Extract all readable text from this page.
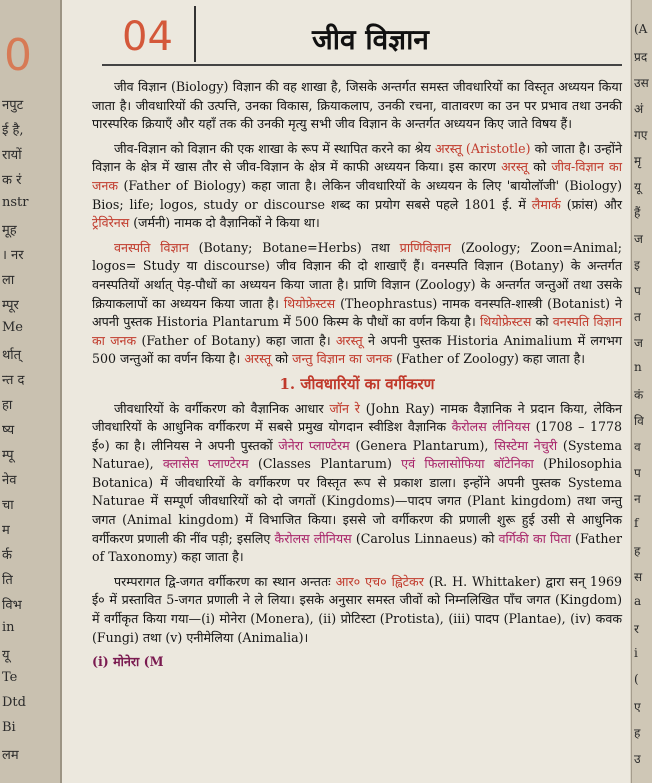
0
नपुट
ई है,
रायों
क रं
nstr
मूह
। नर
ला
म्पूर
Me
र्थात्
न्त द
हा
ष्य
म्पू
नेव
चा
म
र्क
ति
विभ
in
यू
Te
Dtd
Bi
लम
04	जीव विज्ञान

जीव विज्ञान (Biology) विज्ञान की वह शाखा है, जिसके अन्तर्गत समस्त जीवधारियों का विस्तृत अध्ययन किया जाता है। जीवधारियों की उत्पत्ति, उनका विकास, क्रियाकलाप, उनकी रचना, वातावरण का उन पर प्रभाव तथा उनकी पारस्परिक क्रियाएँ और यहाँ तक की उनकी मृत्यु सभी जीव विज्ञान के अन्तर्गत अध्ययन किए जाते विषय हैं।

जीव-विज्ञान को विज्ञान की एक शाखा के रूप में स्थापित करने का श्रेय अरस्तू (Aristotle) को जाता है। उन्होंने विज्ञान के क्षेत्र में खास तौर से जीव-विज्ञान के क्षेत्र में काफी अध्ययन किया। इस कारण अरस्तू को जीव-विज्ञान का जनक (Father of Biology) कहा जाता है। लेकिन जीवधारियों के अध्ययन के लिए 'बायोलॉजी' (Biology) Bios; life; logos, study or discourse शब्द का प्रयोग सबसे पहले 1801 ई. में लैमार्क (फ्रांस) और ट्रेविरेनस (जर्मनी) नामक दो वैज्ञानिकों ने किया था।

वनस्पति विज्ञान (Botany; Botane=Herbs) तथा प्राणिविज्ञान (Zoology; Zoon=Animal; logos= Study या discourse) जीव विज्ञान की दो शाखाएँ हैं। वनस्पति विज्ञान (Botany) के अन्तर्गत वनस्पतियों अर्थात् पेड़-पौधों का अध्ययन किया जाता है। प्राणि विज्ञान (Zoology) के अन्तर्गत जन्तुओं तथा उसके क्रियाकलापों का अध्ययन किया जाता है। थियोफ्रेस्टस (Theophrastus) नामक वनस्पति-शास्त्री (Botanist) ने अपनी पुस्तक Historia Plantarum में 500 किस्म के पौधों का वर्णन किया है। थियोफ्रेस्टस को वनस्पति विज्ञान का जनक (Father of Botany) कहा जाता है। अरस्तू ने अपनी पुस्तक Historia Animalium में लगभग 500 जन्तुओं का वर्णन किया है। अरस्तू को जन्तु विज्ञान का जनक (Father of Zoology) कहा जाता है।

1. जीवधारियों का वर्गीकरण

जीवधारियों के वर्गीकरण को वैज्ञानिक आधार जॉन रे (John Ray) नामक वैज्ञानिक ने प्रदान किया, लेकिन जीवधारियों के आधुनिक वर्गीकरण में सबसे प्रमुख योगदान स्वीडिश वैज्ञानिक कैरोलस लीनियस (1708 – 1778 ई०) का है। लीनियस ने अपनी पुस्तकों जेनेरा प्लाण्टेरम (Genera Plantarum), सिस्टेमा नेचुरी (Systema Naturae), क्लासेस प्लाण्टेरम (Classes Plantarum) एवं फिलासोफिया बॉटेनिका (Philosophia Botanica) में जीवधारियों के वर्गीकरण पर विस्तृत रूप से प्रकाश डाला। इन्होंने अपनी पुस्तक Systema Naturae में सम्पूर्ण जीवधारियों को दो जगतों (Kingdoms)—पादप जगत (Plant kingdom) तथा जन्तु जगत (Animal kingdom) में विभाजित किया। इससे जो वर्गीकरण की प्रणाली शुरू हुई उसी से आधुनिक वर्गीकरण प्रणाली की नींव पड़ी; इसलिए कैरोलस लीनियस (Carolus Linnaeus) को वर्गिकी का पिता (Father of Taxonomy) कहा जाता है।

परम्परागत द्वि-जगत वर्गीकरण का स्थान अन्ततः आर० एच० ह्विटेकर (R. H. Whittaker) द्वारा सन् 1969 ई० में प्रस्तावित 5-जगत प्रणाली ने ले लिया। इसके अनुसार समस्त जीवों को निम्नलिखित पाँच जगत (Kingdom) में वर्गीकृत किया गया—(i) मोनेरा (Monera), (ii) प्रोटिस्टा (Protista), (iii) पादप (Plantae), (iv) कवक (Fungi) तथा (v) एनीमेलिया (Animalia)।

(i) मोनेरा (M

(A
प्रद
उस
अं
गए
मृ
यू
हैं
ज
इ
प
त
ज
n
कं
वि
व
प
न
f
ह
स
a
र
i
(
ए
ह
उ
